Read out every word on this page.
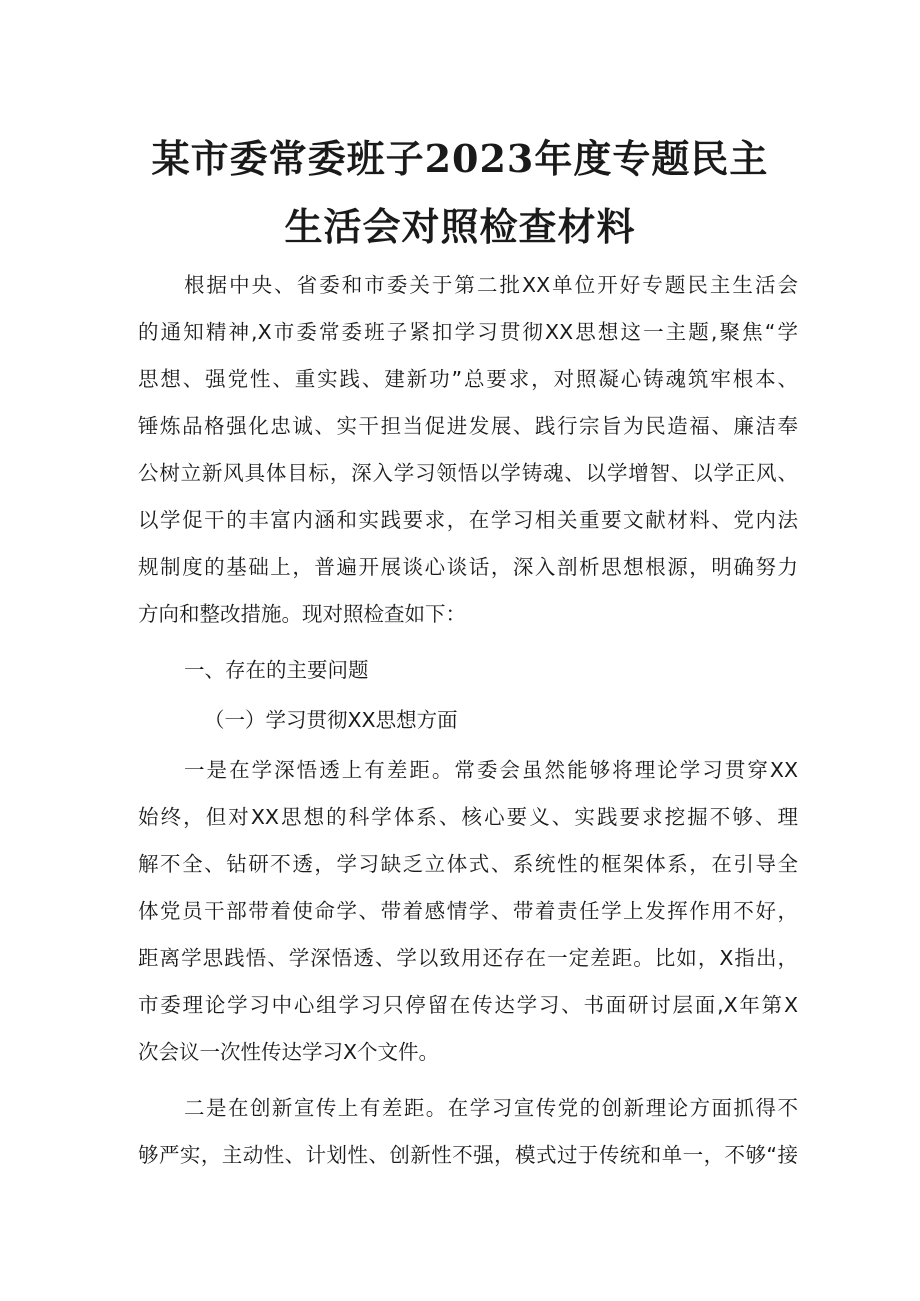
某市委常委班子2023年度专题民主
生活会对照检查材料
根据中央、省委和市委关于第二批XX单位开好专题民主生活会
的通知精神,X市委常委班子紧扣学习贯彻XX思想这一主题,聚焦“学
思想、强党性、重实践、建新功”总要求，对照凝心铸魂筑牢根本、
锤炼品格强化忠诚、实干担当促进发展、践行宗旨为民造福、廉洁奉
公树立新风具体目标，深入学习领悟以学铸魂、以学增智、以学正风、
以学促干的丰富内涵和实践要求，在学习相关重要文献材料、党内法
规制度的基础上，普遍开展谈心谈话，深入剖析思想根源，明确努力
方向和整改措施。现对照检查如下：
一、存在的主要问题
（一）学习贯彻XX思想方面
一是在学深悟透上有差距。常委会虽然能够将理论学习贯穿XX
始终，但对XX思想的科学体系、核心要义、实践要求挖掘不够、理
解不全、钻研不透，学习缺乏立体式、系统性的框架体系，在引导全
体党员干部带着使命学、带着感情学、带着责任学上发挥作用不好，
距离学思践悟、学深悟透、学以致用还存在一定差距。比如，X指出，
市委理论学习中心组学习只停留在传达学习、书面研讨层面,X年第X
次会议一次性传达学习X个文件。
二是在创新宣传上有差距。在学习宣传党的创新理论方面抓得不
够严实，主动性、计划性、创新性不强，模式过于传统和单一，不够“接
